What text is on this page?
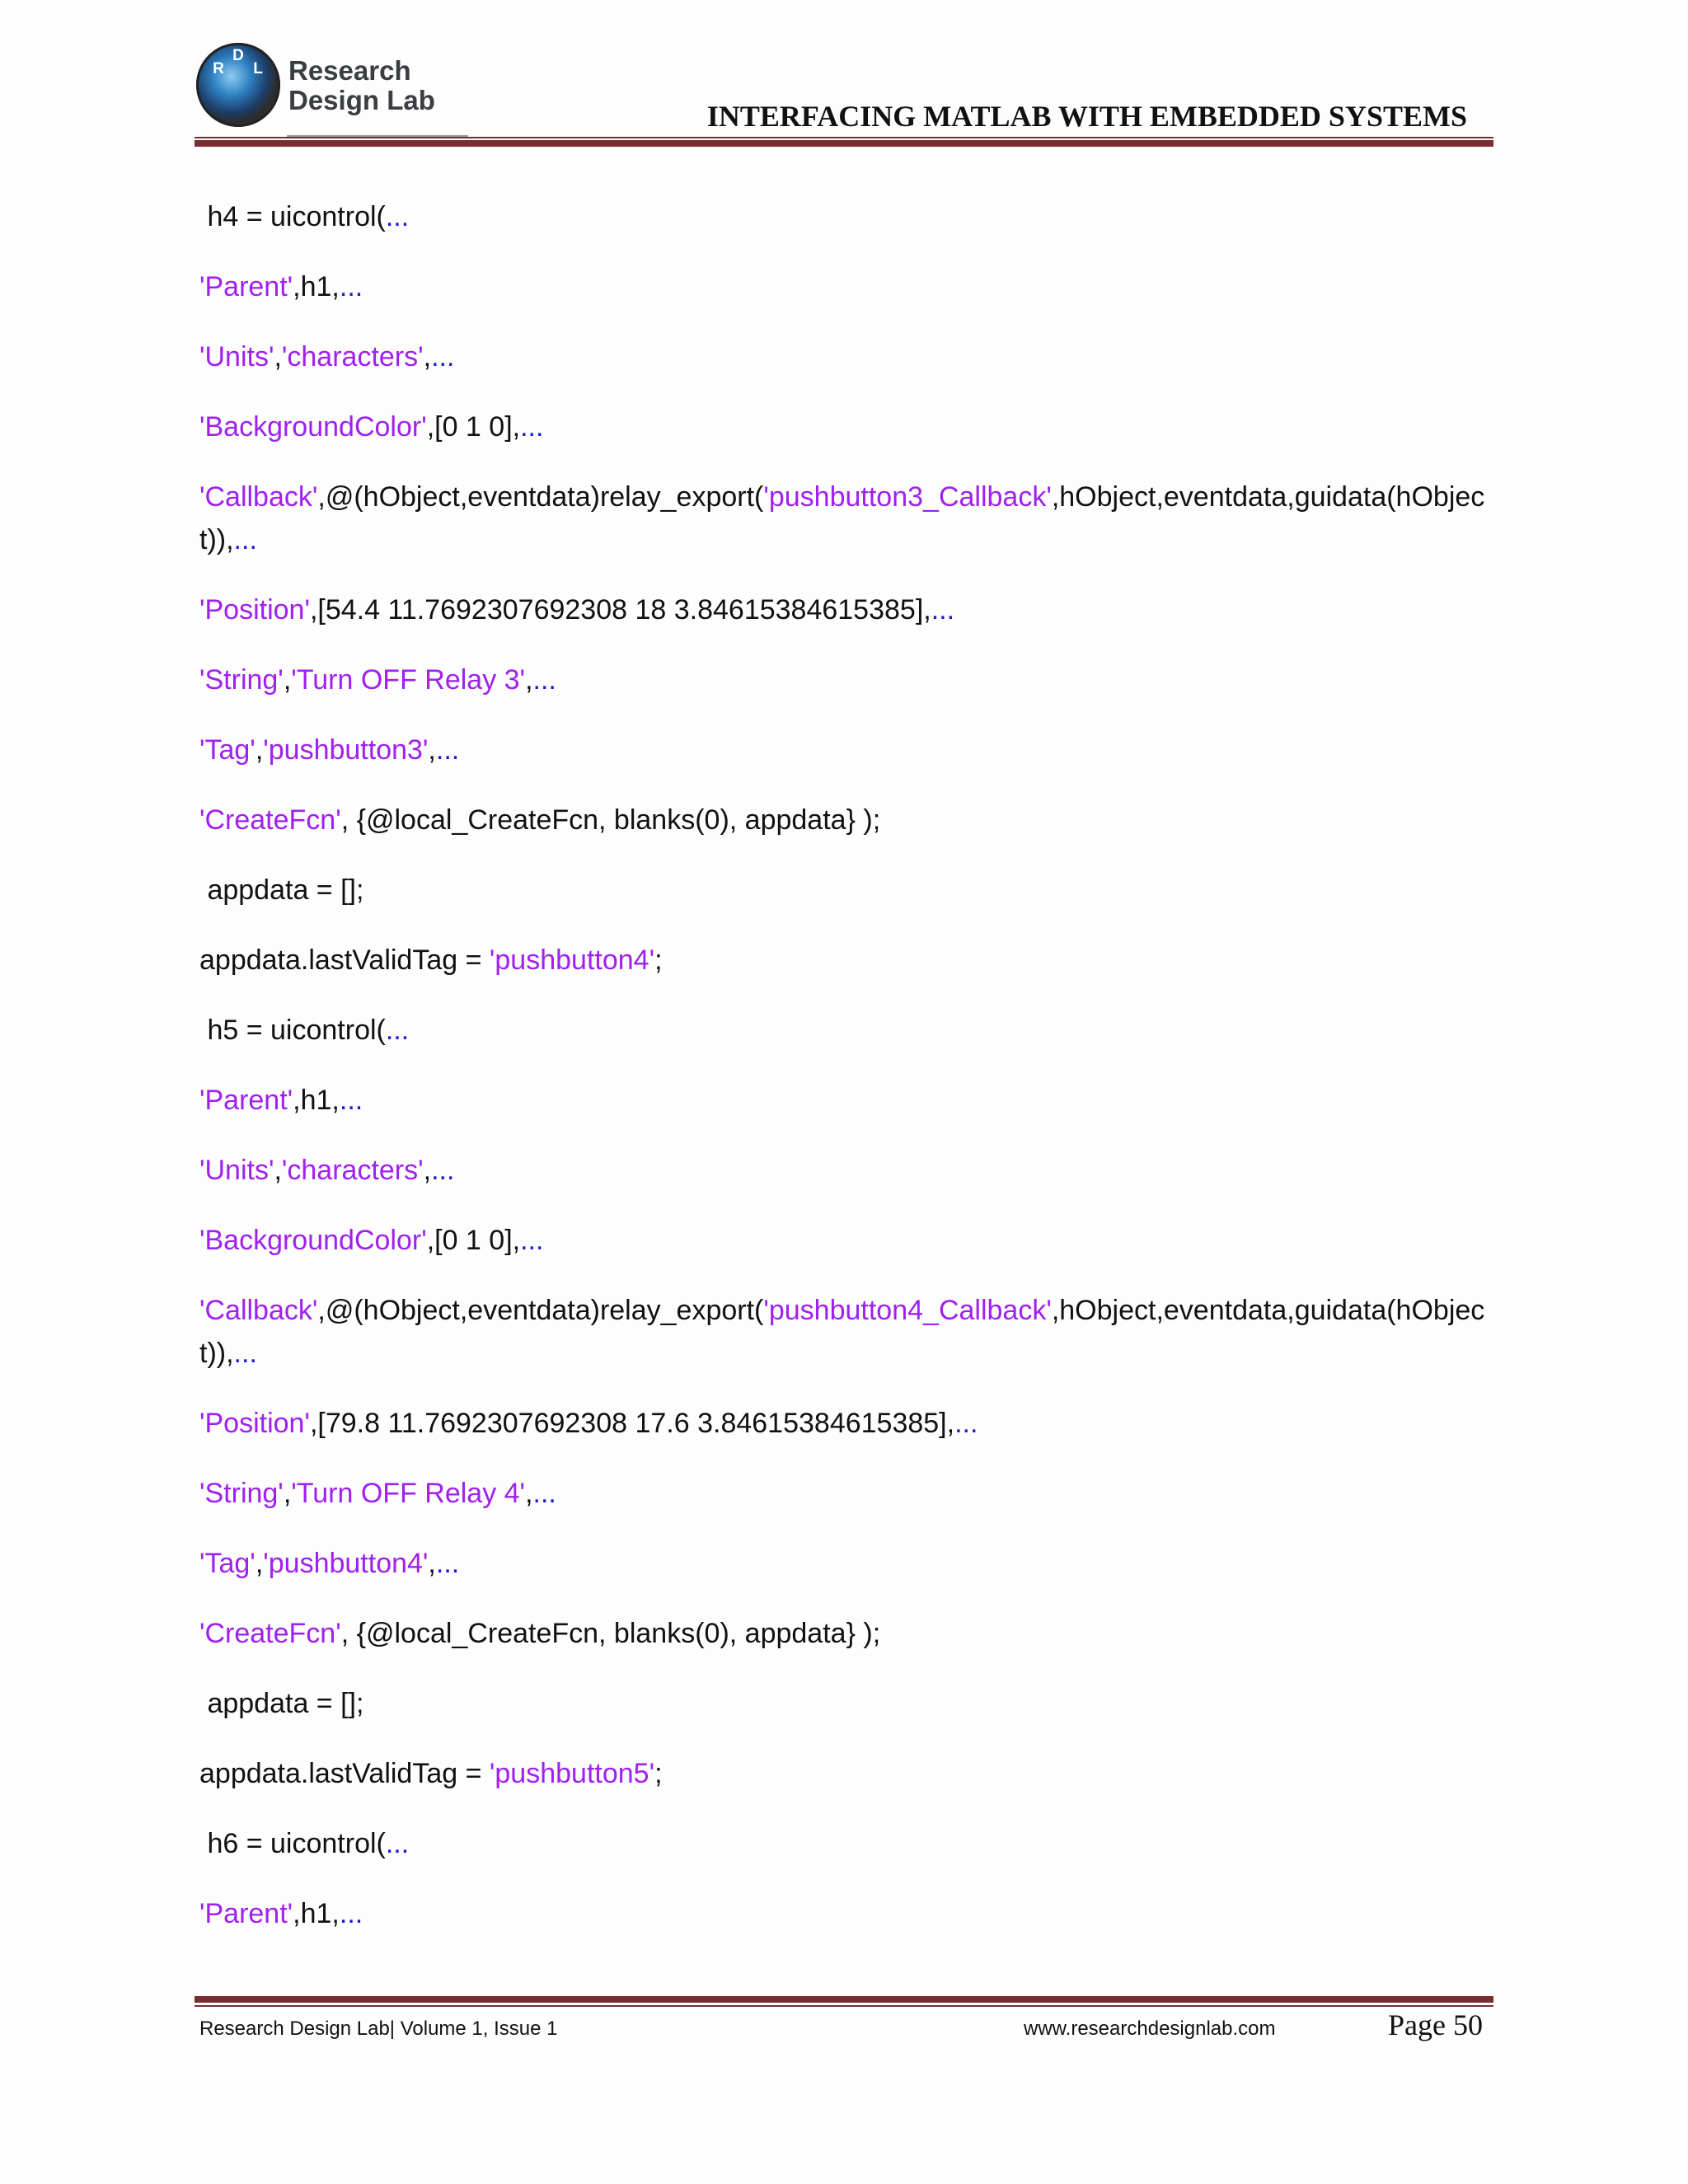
R
D
L Research
Design Lab	INTERFACING MATLAB WITH EMBEDDED SYSTEMS
h4 = uicontrol(...
'Parent',h1,...
'Units','characters',...
'BackgroundColor',[0 1 0],...
'Callback',@(hObject,eventdata)relay_export('pushbutton3_Callback',hObject,eventdata,guidata(hObject)),...
'Position',[54.4 11.7692307692308 18 3.84615384615385],...
'String','Turn OFF Relay 3',...
'Tag','pushbutton3',...
'CreateFcn', {@local_CreateFcn, blanks(0), appdata} );
appdata = [];
appdata.lastValidTag = 'pushbutton4';
h5 = uicontrol(...
'Parent',h1,...
'Units','characters',...
'BackgroundColor',[0 1 0],...
'Callback',@(hObject,eventdata)relay_export('pushbutton4_Callback',hObject,eventdata,guidata(hObject)),...
'Position',[79.8 11.7692307692308 17.6 3.84615384615385],...
'String','Turn OFF Relay 4',...
'Tag','pushbutton4',...
'CreateFcn', {@local_CreateFcn, blanks(0), appdata} );
appdata = [];
appdata.lastValidTag = 'pushbutton5';
h6 = uicontrol(...
'Parent',h1,...
Research Design Lab| Volume 1, Issue 1	www.researchdesignlab.com	Page 50
